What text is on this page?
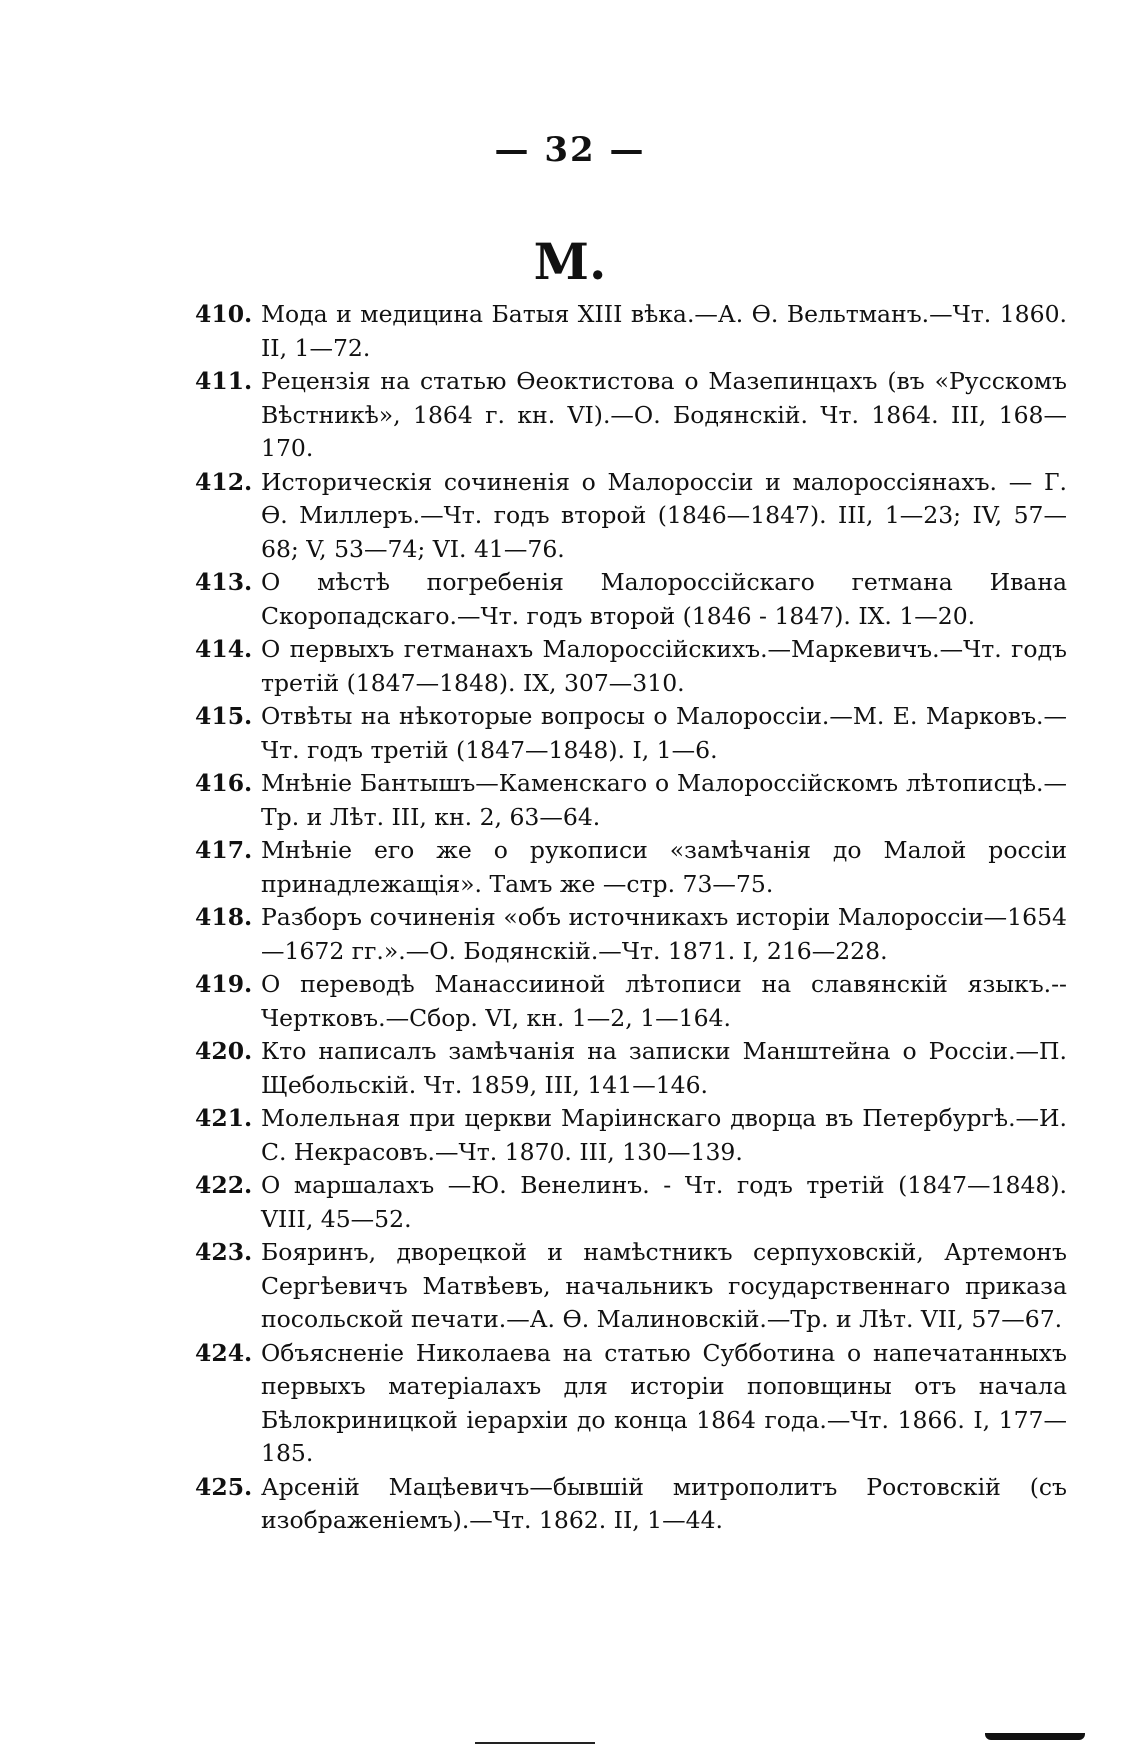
— 32 —
М.

410. Мода и медицина Батыя XIII вѣка.—А. Ѳ. Вельтманъ.—Чт. 1860. II, 1—72.

411. Рецензія на статью Ѳеоктистова о Мазепинцахъ (въ «Русскомъ Вѣстникѣ», 1864 г. кн. VI).—О. Бодянскій. Чт. 1864. III, 168—170.

412. Историческія сочиненія о Малороссіи и малороссіянахъ. — Г. Ѳ. Миллеръ.—Чт. годъ второй (1846—1847). III, 1—23; IV, 57—68; V, 53—74; VI. 41—76.

413. О мѣстѣ погребенія Малороссійскаго гетмана Ивана Скоропадскаго.—Чт. годъ второй (1846 - 1847). IX. 1—20.

414. О первыхъ гетманахъ Малороссійскихъ.—Маркевичъ.—Чт. годъ третій (1847—1848). IX, 307—310.

415. Отвѣты на нѣкоторые вопросы о Малороссіи.—М. Е. Марковъ.—Чт. годъ третій (1847—1848). I, 1—6.

416. Мнѣніе Бантышъ—Каменскаго о Малороссійскомъ лѣтописцѣ.—Тр. и Лѣт. III, кн. 2, 63—64.

417. Мнѣніе его же о рукописи «замѣчанія до Малой россіи принадлежащія». Тамъ же —стр. 73—75.

418. Разборъ сочиненія «объ источникахъ исторіи Малороссіи—1654—1672 гг.».—О. Бодянскій.—Чт. 1871. I, 216—228.

419. О переводѣ Манассииной лѣтописи на славянскій языкъ.--Чертковъ.—Сбор. VI, кн. 1—2, 1—164.

420. Кто написалъ замѣчанія на записки Манштейна о Россіи.—П. Щебольскій. Чт. 1859, III, 141—146.

421. Молельная при церкви Маріинскаго дворца въ Петербургѣ.—И. С. Некрасовъ.—Чт. 1870. III, 130—139.

422. О маршалахъ —Ю. Венелинъ. - Чт. годъ третій (1847—1848). VIII, 45—52.

423. Бояринъ, дворецкой и намѣстникъ серпуховскій, Артемонъ Сергѣевичъ Матвѣевъ, начальникъ государственнаго приказа посольской печати.—А. Ѳ. Малиновскій.—Тр. и Лѣт. VII, 57—67.

424. Объясненіе Николаева на статью Субботина о напечатанныхъ первыхъ матеріалахъ для исторіи поповщины отъ начала Бѣлокриницкой іерархіи до конца 1864 года.—Чт. 1866. I, 177—185.

425. Арсеній Мацѣевичъ—бывшій митрополитъ Ростовскій (съ изображеніемъ).—Чт. 1862. II, 1—44.
